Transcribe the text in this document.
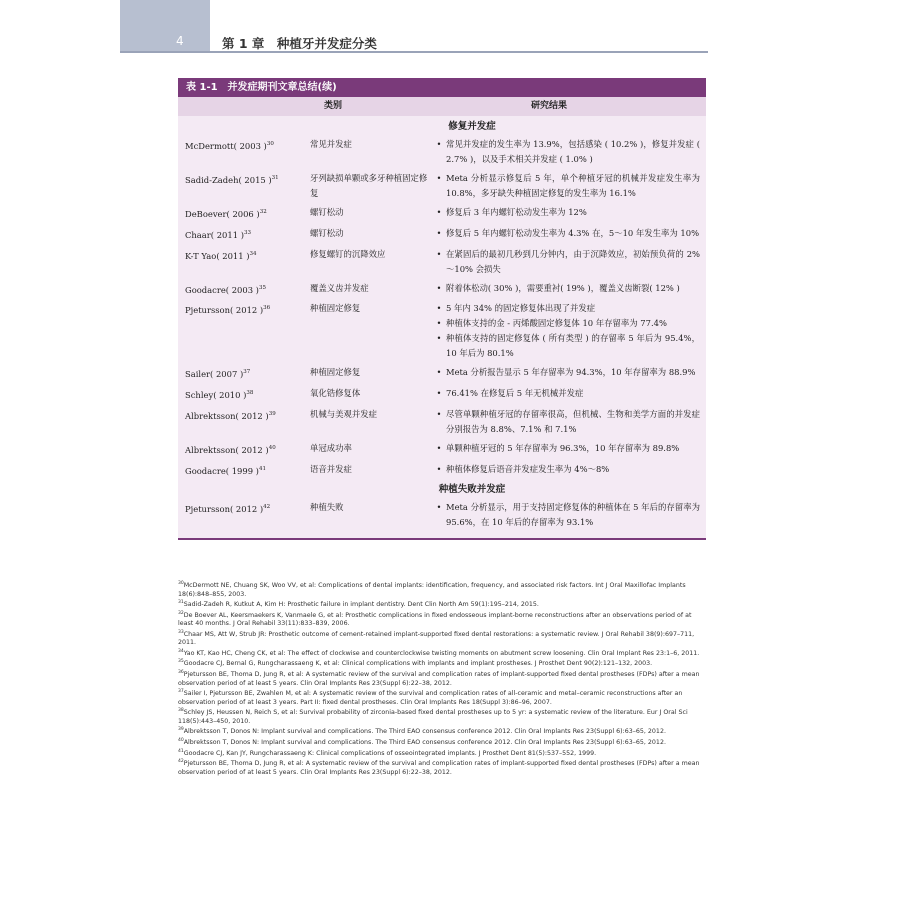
4	第 1 章　种植牙并发症分类
表 1-1　并发症期刊文章总结(续)
类别	研究结果
修复并发症
McDermott( 2003 )$^{30}$	常见并发症	• 常见并发症的发生率为 13.9%，包括感染 ( 10.2% )，修复并发症 ( 2.7% )，以及手术相关并发症 ( 1.0% )
Sadid-Zadeh( 2015 )$^{31}$	牙列缺损单颗或多牙种植固定修复
• Meta 分析显示修复后 5 年，单个种植牙冠的机械并发症发生率为 10.8%，多牙缺失种植固定修复的发生率为 16.1%
DeBoever( 2006 )$^{32}$	螺钉松动	• 修复后 3 年内螺钉松动发生率为 12%
Chaar( 2011 )$^{33}$	螺钉松动	• 修复后 5 年内螺钉松动发生率为 4.3% 在，5～10 年发生率为 10%
K-T Yao( 2011 )$^{34}$	修复螺钉的沉降效应	• 在紧固后的最初几秒到几分钟内，由于沉降效应，初始预负荷的 2%～10% 会损失
Goodacre( 2003 )$^{35}$	覆盖义齿并发症	• 附着体松动( 30% )，需要重衬( 19% )，覆盖义齿断裂( 12% )
Pjetursson( 2012 )$^{36}$	种植固定修复	• 5 年内 34% 的固定修复体出现了并发症
• 种植体支持的金 - 丙烯酸固定修复体 10 年存留率为 77.4%
• 种植体支持的固定修复体 ( 所有类型 ) 的存留率 5 年后为 95.4%，10 年后为 80.1%
Sailer( 2007 )$^{37}$	种植固定修复	• Meta 分析报告显示 5 年存留率为 94.3%，10 年存留率为 88.9%
Schley( 2010 )$^{38}$	氧化锆修复体	• 76.41% 在修复后 5 年无机械并发症
Albrektsson( 2012 )$^{39}$	机械与美观并发症	• 尽管单颗种植牙冠的存留率很高，但机械、生物和美学方面的并发症分别报告为 8.8%、7.1% 和 7.1%
Albrektsson( 2012 )$^{40}$	单冠成功率	• 单颗种植牙冠的 5 年存留率为 96.3%，10 年存留率为 89.8%
Goodacre( 1999 )$^{41}$	语音并发症	• 种植体修复后语音并发症发生率为 4%～8%
种植失败并发症
Pjetursson( 2012 )$^{42}$	种植失败	• Meta 分析显示，用于支持固定修复体的种植体在 5 年后的存留率为 95.6%，在 10 年后的存留率为 93.1%

$^{30}$McDermott NE, Chuang SK, Woo VV, et al: Complications of dental implants: identification, frequency, and associated risk factors. Int J Oral Maxillofac Implants 18(6):848–855, 2003.

$^{31}$Sadid-Zadeh R, Kutkut A, Kim H: Prosthetic failure in implant dentistry. Dent Clin North Am 59(1):195–214, 2015.

$^{32}$De Boever AL, Keersmaekers K, Vanmaele G, et al: Prosthetic complications in fixed endosseous implant-borne reconstructions after an observations period of at least 40 months. J Oral Rehabil 33(11):833–839, 2006.

$^{33}$Chaar MS, Att W, Strub JR: Prosthetic outcome of cement-retained implant-supported fixed dental restorations: a systematic review. J Oral Rehabil 38(9):697–711, 2011.

$^{34}$Yao KT, Kao HC, Cheng CK, et al: The effect of clockwise and counterclockwise twisting moments on abutment screw loosening. Clin Oral Implant Res 23:1–6, 2011.

$^{35}$Goodacre CJ, Bernal G, Rungcharassaeng K, et al: Clinical complications with implants and implant prostheses. J Prosthet Dent 90(2):121–132, 2003.

$^{36}$Pjetursson BE, Thoma D, Jung R, et al: A systematic review of the survival and complication rates of implant-supported fixed dental prostheses (FDPs) after a mean observation period of at least 5 years. Clin Oral Implants Res 23(Suppl 6):22–38, 2012.

$^{37}$Sailer I, Pjetursson BE, Zwahlen M, et al: A systematic review of the survival and complication rates of all-ceramic and metal–ceramic reconstructions after an observation period of at least 3 years. Part II: fixed dental prostheses. Clin Oral Implants Res 18(Suppl 3):86–96, 2007.

$^{38}$Schley JS, Heussen N, Reich S, et al: Survival probability of zirconia-based fixed dental prostheses up to 5 yr: a systematic review of the literature. Eur J Oral Sci 118(5):443–450, 2010.

$^{39}$Albrektsson T, Donos N: Implant survival and complications. The Third EAO consensus conference 2012. Clin Oral Implants Res 23(Suppl 6):63–65, 2012.

$^{40}$Albrektsson T, Donos N: Implant survival and complications. The Third EAO consensus conference 2012. Clin Oral Implants Res 23(Suppl 6):63–65, 2012.

$^{41}$Goodacre CJ, Kan JY, Rungcharassaeng K: Clinical complications of osseointegrated implants. J Prosthet Dent 81(5):537–552, 1999.

$^{42}$Pjetursson BE, Thoma D, Jung R, et al: A systematic review of the survival and complication rates of implant-supported fixed dental prostheses (FDPs) after a mean observation period of at least 5 years. Clin Oral Implants Res 23(Suppl 6):22–38, 2012.
